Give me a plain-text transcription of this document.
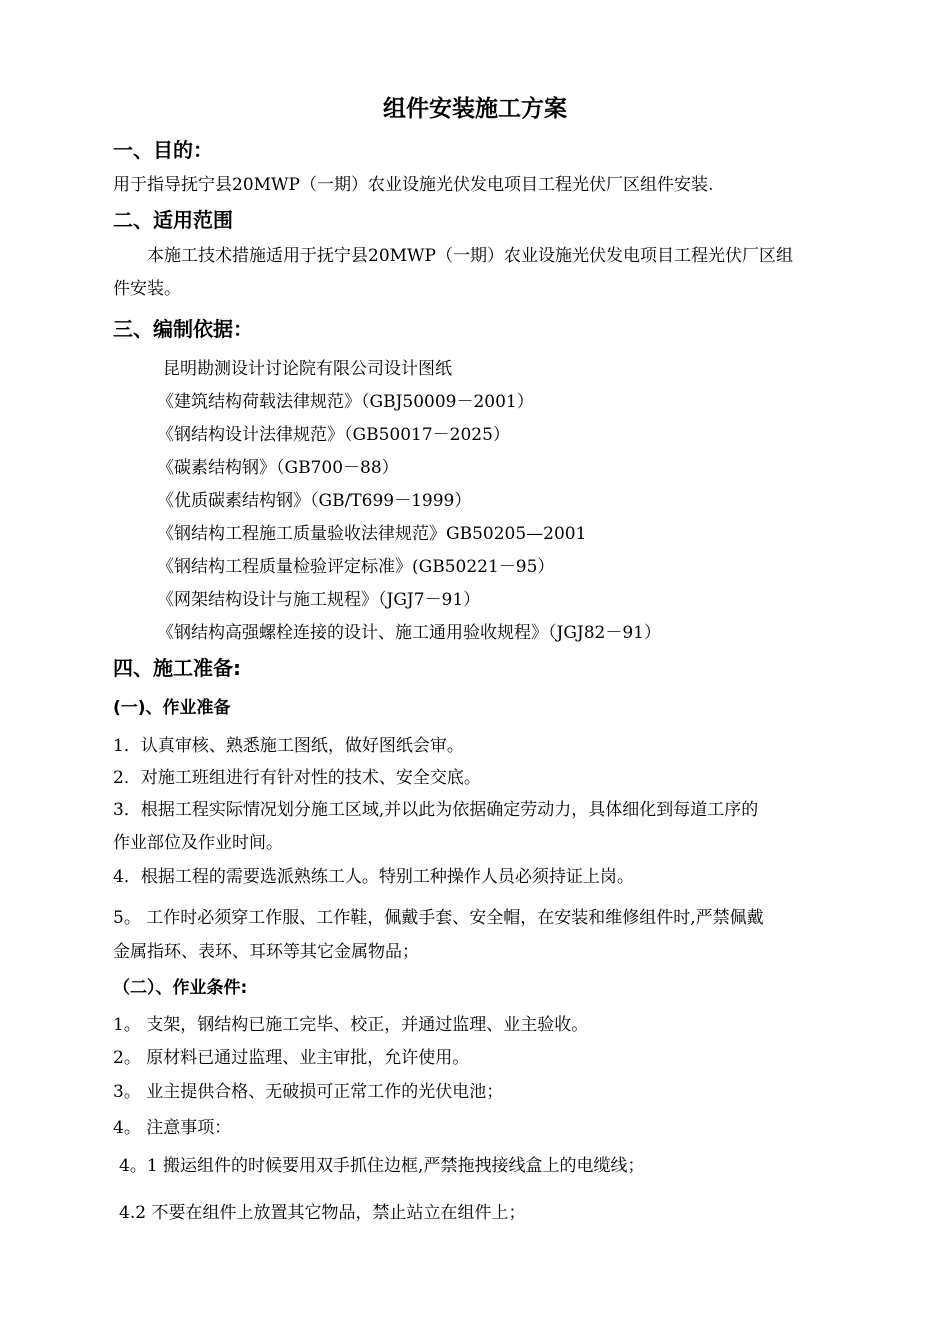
组件安装施工方案
一、目的：
用于指导抚宁县20MWP（一期）农业设施光伏发电项目工程光伏厂区组件安装.
二、适用范围
本施工技术措施适用于抚宁县20MWP（一期）农业设施光伏发电项目工程光伏厂区组
件安装。
三、编制依据：
昆明勘测设计讨论院有限公司设计图纸
《建筑结构荷载法律规范》（GBJ50009－2001）
《钢结构设计法律规范》（GB50017－2025）
《碳素结构钢》（GB700－88）
《优质碳素结构钢》（GB/T699－1999）
《钢结构工程施工质量验收法律规范》GB50205—2001
《钢结构工程质量检验评定标准》(GB50221－95）
《网架结构设计与施工规程》（JGJ7－91）
《钢结构高强螺栓连接的设计、施工通用验收规程》（JGJ82－91）
四、施工准备:
(一)、作业准备
1．认真审核、熟悉施工图纸，做好图纸会审。
2．对施工班组进行有针对性的技术、安全交底。
3．根据工程实际情况划分施工区域,并以此为依据确定劳动力，具体细化到每道工序的
作业部位及作业时间。
4．根据工程的需要选派熟练工人。特别工种操作人员必须持证上岗。
5。 工作时必须穿工作服、工作鞋，佩戴手套、安全帽，在安装和维修组件时,严禁佩戴
金属指环、表环、耳环等其它金属物品；
（二）、作业条件:
1。 支架，钢结构已施工完毕、校正，并通过监理、业主验收。
2。 原材料已通过监理、业主审批，允许使用。
3。 业主提供合格、无破损可正常工作的光伏电池；
4。 注意事项：
4。1 搬运组件的时候要用双手抓住边框,严禁拖拽接线盒上的电缆线；
4.2 不要在组件上放置其它物品，禁止站立在组件上；
